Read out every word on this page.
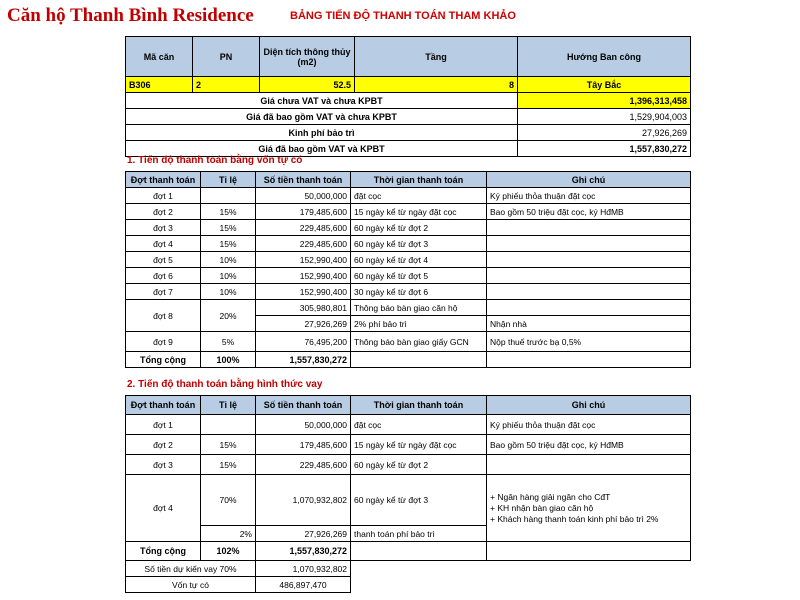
Căn hộ Thanh Bình Residence	BẢNG TIẾN ĐỘ THANH TOÁN THAM KHẢO
Mã căn	PN	Diện tích thông thủy (m2)	Tầng	Hướng Ban công
B306	2	52.5	8	Tây Bắc
Giá chưa VAT và chưa KPBT				1,396,313,458
Giá đã bao gồm VAT và chưa KPBT				1,529,904,003
Kinh phí bảo trì				27,926,269
Giá đã bao gồm VAT và KPBT				1,557,830,272
1. Tiến độ thanh toán bằng vốn tự có
Đợt thanh toán	Tỉ lệ	Số tiền thanh toán	Thời gian thanh toán	Ghi chú
đợt 1		50,000,000	đặt cọc	Ký phiếu thỏa thuận đặt cọc
đợt 2	15%	179,485,600	15 ngày kể từ ngày đặt cọc	Bao gồm 50 triệu đặt cọc, ký HđMB
đợt 3	15%	229,485,600	60 ngày kể từ đợt 2	
đợt 4	15%	229,485,600	60 ngày kể từ đợt 3	
đợt 5	10%	152,990,400	60 ngày kể từ đợt 4	
đợt 6	10%	152,990,400	60 ngày kể từ đợt 5	
đợt 7	10%	152,990,400	30 ngày kể từ đợt 6	
đợt 8	20%	305,980,801	Thông báo bàn giao căn hộ	
		27,926,269	2% phí bảo trì	Nhận nhà
đợt 9	5%	76,495,200	Thông báo bàn giao giấy GCN	Nộp thuế trước bạ 0,5%
Tổng cộng	100%	1,557,830,272		
2. Tiến độ thanh toán bằng hình thức vay
Đợt thanh toán	Tỉ lệ	Số tiền thanh toán	Thời gian thanh toán	Ghi chú
đợt 1		50,000,000	đặt cọc	Ký phiếu thỏa thuận đặt cọc
đợt 2	15%	179,485,600	15 ngày kể từ ngày đặt cọc	Bao gồm 50 triệu đặt cọc, ký HđMB
đợt 3	15%	229,485,600	60 ngày kể từ đợt 2	
đợt 4	70%	1,070,932,802	60 ngày kể từ đợt 3	+ Ngân hàng giải ngân cho CđT
+ KH nhận bàn giao căn hộ
+ Khách hàng thanh toán kinh phí bảo trì 2%

	2%	27,926,269	thanh toán phí bảo trì	
Tổng cộng	102%	1,557,830,272		
Số tiền dự kiến vay 70%		1,070,932,802		
Vốn tự có		486,897,470		
